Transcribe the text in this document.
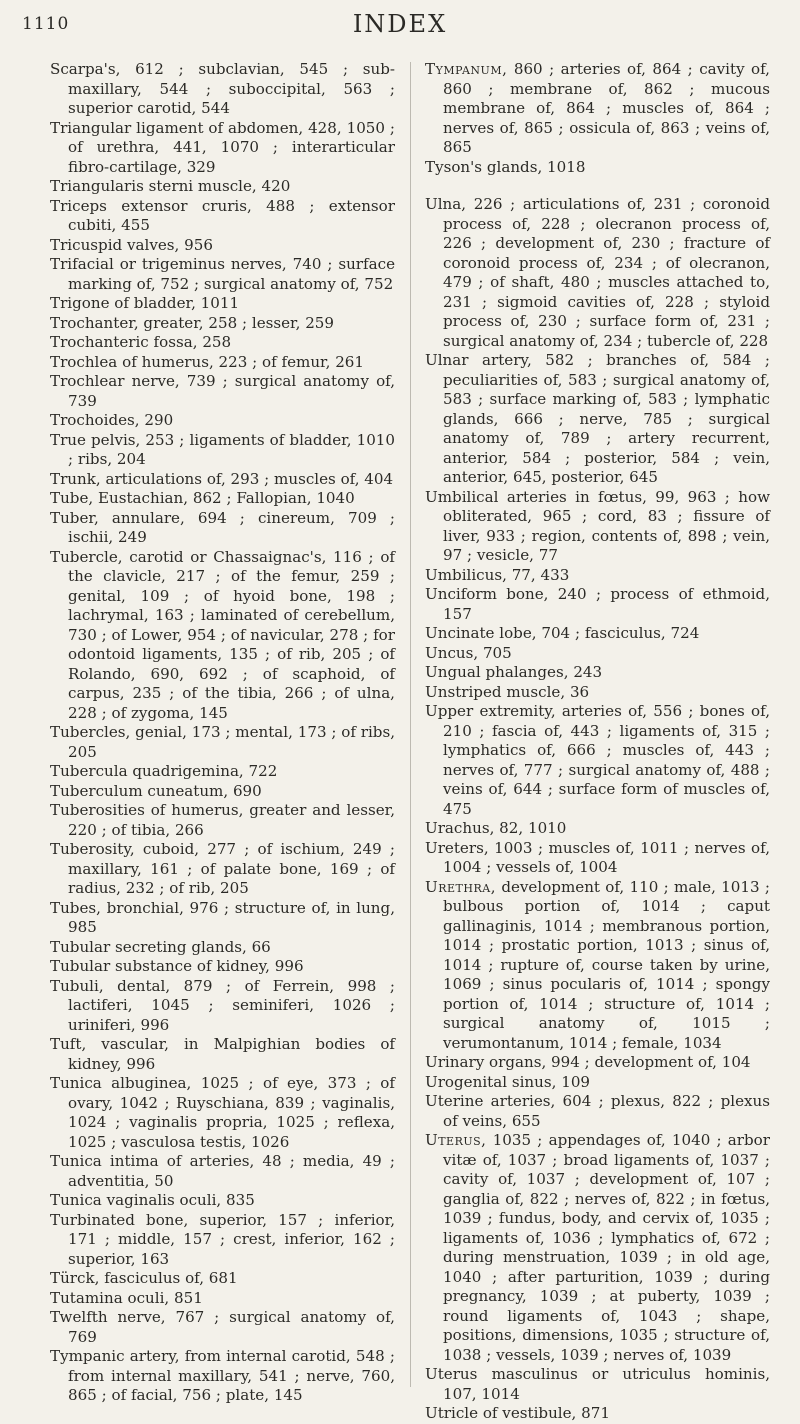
1110	INDEX

Scarpa's, 612 ; subclavian, 545 ; sub-maxillary, 544 ; suboccipital, 563 ; superior carotid, 544

Triangular ligament of abdomen, 428, 1050 ; of urethra, 441, 1070 ; interarticular fibro-cartilage, 329

Triangularis sterni muscle, 420

Triceps extensor cruris, 488 ; extensor cubiti, 455

Tricuspid valves, 956

Trifacial or trigeminus nerves, 740 ; surface marking of, 752 ; surgical anatomy of, 752

Trigone of bladder, 1011

Trochanter, greater, 258 ; lesser, 259

Trochanteric fossa, 258

Trochlea of humerus, 223 ; of femur, 261

Trochlear nerve, 739 ; surgical anatomy of, 739

Trochoides, 290

True pelvis, 253 ; ligaments of bladder, 1010 ; ribs, 204

Trunk, articulations of, 293 ; muscles of, 404

Tube, Eustachian, 862 ; Fallopian, 1040

Tuber, annulare, 694 ; cinereum, 709 ; ischii, 249

Tubercle, carotid or Chassaignac's, 116 ; of the clavicle, 217 ; of the femur, 259 ; genital, 109 ; of hyoid bone, 198 ; lachrymal, 163 ; laminated of cerebellum, 730 ; of Lower, 954 ; of navicular, 278 ; for odontoid ligaments, 135 ; of rib, 205 ; of Rolando, 690, 692 ; of scaphoid, of carpus, 235 ; of the tibia, 266 ; of ulna, 228 ; of zygoma, 145

Tubercles, genial, 173 ; mental, 173 ; of ribs, 205

Tubercula quadrigemina, 722

Tuberculum cuneatum, 690

Tuberosities of humerus, greater and lesser, 220 ; of tibia, 266

Tuberosity, cuboid, 277 ; of ischium, 249 ; maxillary, 161 ; of palate bone, 169 ; of radius, 232 ; of rib, 205

Tubes, bronchial, 976 ; structure of, in lung, 985

Tubular secreting glands, 66

Tubular substance of kidney, 996

Tubuli, dental, 879 ; of Ferrein, 998 ; lactiferi, 1045 ; seminiferi, 1026 ; uriniferi, 996

Tuft, vascular, in Malpighian bodies of kidney, 996

Tunica albuginea, 1025 ; of eye, 373 ; of ovary, 1042 ; Ruyschiana, 839 ; vaginalis, 1024 ; vaginalis propria, 1025 ; reflexa, 1025 ; vasculosa testis, 1026

Tunica intima of arteries, 48 ; media, 49 ; adventitia, 50

Tunica vaginalis oculi, 835

Turbinated bone, superior, 157 ; inferior, 171 ; middle, 157 ; crest, inferior, 162 ; superior, 163

Türck, fasciculus of, 681

Tutamina oculi, 851

Twelfth nerve, 767 ; surgical anatomy of, 769

Tympanic artery, from internal carotid, 548 ; from internal maxillary, 541 ; nerve, 760, 865 ; of facial, 756 ; plate, 145

Tympanum, 860 ; arteries of, 864 ; cavity of, 860 ; membrane of, 862 ; mucous membrane of, 864 ; muscles of, 864 ; nerves of, 865 ; ossicula of, 863 ; veins of, 865

Tyson's glands, 1018

Ulna, 226 ; articulations of, 231 ; coronoid process of, 228 ; olecranon process of, 226 ; development of, 230 ; fracture of coronoid process of, 234 ; of olecranon, 479 ; of shaft, 480 ; muscles attached to, 231 ; sigmoid cavities of, 228 ; styloid process of, 230 ; surface form of, 231 ; surgical anatomy of, 234 ; tubercle of, 228

Ulnar artery, 582 ; branches of, 584 ; peculiarities of, 583 ; surgical anatomy of, 583 ; surface marking of, 583 ; lymphatic glands, 666 ; nerve, 785 ; surgical anatomy of, 789 ; artery recurrent, anterior, 584 ; posterior, 584 ; vein, anterior, 645, posterior, 645

Umbilical arteries in fœtus, 99, 963 ; how obliterated, 965 ; cord, 83 ; fissure of liver, 933 ; region, contents of, 898 ; vein, 97 ; vesicle, 77

Umbilicus, 77, 433

Unciform bone, 240 ; process of ethmoid, 157

Uncinate lobe, 704 ; fasciculus, 724

Uncus, 705

Ungual phalanges, 243

Unstriped muscle, 36

Upper extremity, arteries of, 556 ; bones of, 210 ; fascia of, 443 ; ligaments of, 315 ; lymphatics of, 666 ; muscles of, 443 ; nerves of, 777 ; surgical anatomy of, 488 ; veins of, 644 ; surface form of muscles of, 475

Urachus, 82, 1010

Ureters, 1003 ; muscles of, 1011 ; nerves of, 1004 ; vessels of, 1004

Urethra, development of, 110 ; male, 1013 ; bulbous portion of, 1014 ; caput gallinaginis, 1014 ; membranous portion, 1014 ; prostatic portion, 1013 ; sinus of, 1014 ; rupture of, course taken by urine, 1069 ; sinus pocularis of, 1014 ; spongy portion of, 1014 ; structure of, 1014 ; surgical anatomy of, 1015 ; verumontanum, 1014 ; female, 1034

Urinary organs, 994 ; development of, 104

Urogenital sinus, 109

Uterine arteries, 604 ; plexus, 822 ; plexus of veins, 655

Uterus, 1035 ; appendages of, 1040 ; arbor vitæ of, 1037 ; broad ligaments of, 1037 ; cavity of, 1037 ; development of, 107 ; ganglia of, 822 ; nerves of, 822 ; in fœtus, 1039 ; fundus, body, and cervix of, 1035 ; ligaments of, 1036 ; lymphatics of, 672 ; during menstruation, 1039 ; in old age, 1040 ; after parturition, 1039 ; during pregnancy, 1039 ; at puberty, 1039 ; round ligaments of, 1043 ; shape, positions, dimensions, 1035 ; structure of, 1038 ; vessels, 1039 ; nerves of, 1039

Uterus masculinus or utriculus hominis, 107, 1014

Utricle of vestibule, 871
